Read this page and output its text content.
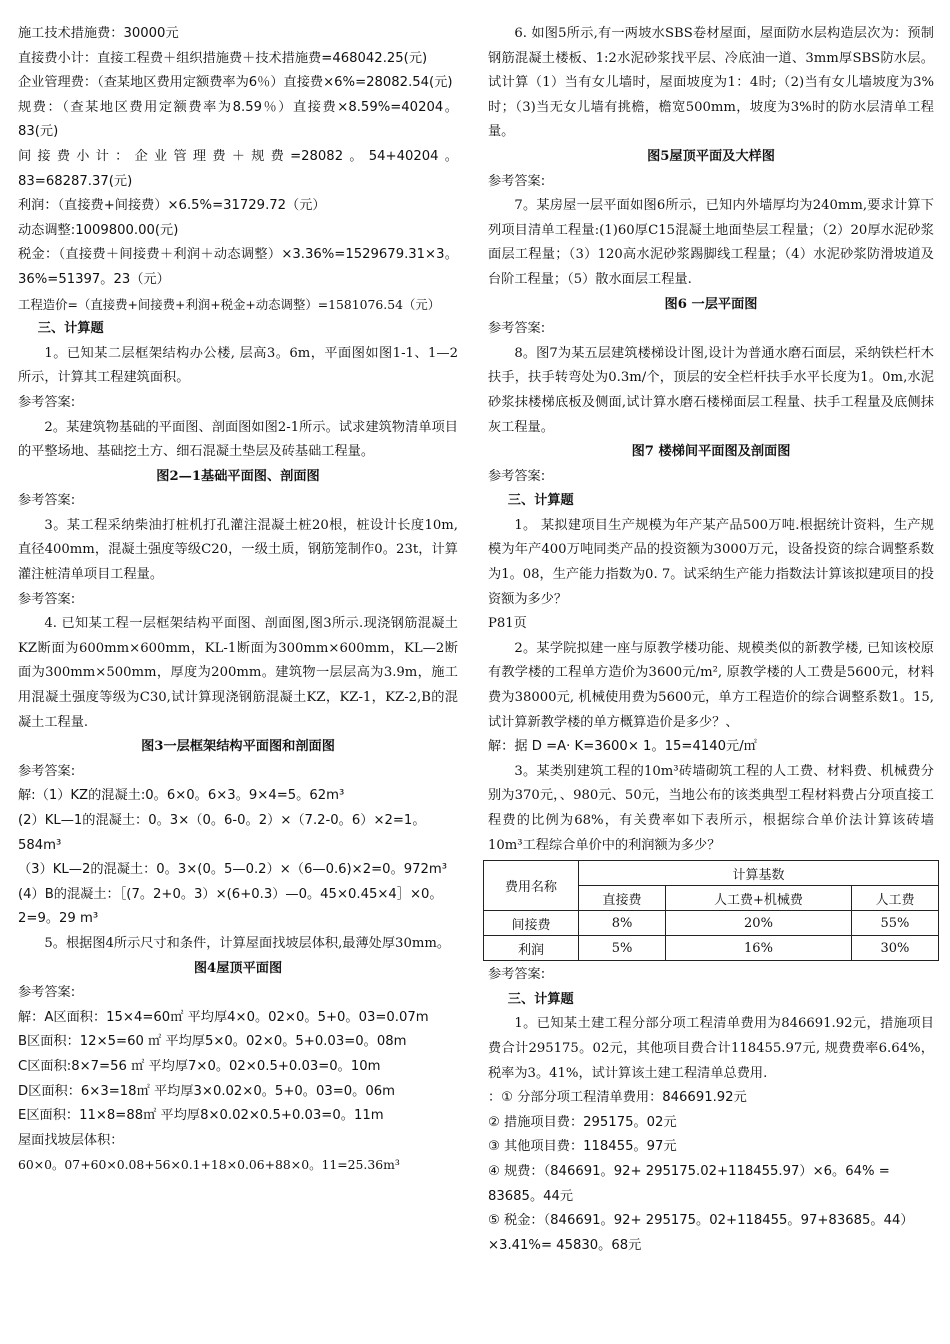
施工技术措施费：30000元

直接费小计：直接工程费＋组织措施费＋技术措施费=468042.25(元)

企业管理费：（查某地区费用定额费率为6％）直接费×6%=28082.54(元)

规费：（查某地区费用定额费率为8.59％）直接费×8.59%=40204。83(元)

间接费小计：企业管理费＋规费=28082。54+40204。83=68287.37(元)

利润：（直接费+间接费）×6.5%=31729.72（元）

动态调整:1009800.00(元)

税金：（直接费＋间接费＋利润＋动态调整）×3.36%=1529679.31×3。36%=51397。23（元）

工程造价=（直接费+间接费+利润+税金+动态调整）=1581076.54（元）

三、计算题

1。已知某二层框架结构办公楼, 层高3。6m，平面图如图1-1、1—2所示，计算其工程建筑面积。

参考答案:

2。某建筑物基础的平面图、剖面图如图2-1所示。试求建筑物清单项目的平整场地、基础挖土方、细石混凝土垫层及砖基础工程量。

图2—1基础平面图、剖面图

参考答案:

3。某工程采纳柴油打桩机打孔灌注混凝土桩20根，桩设计长度10m, 直径400mm，混凝土强度等级C20，一级土质，钢筋笼制作0。23t，计算灌注桩清单项目工程量。

参考答案:

4. 已知某工程一层框架结构平面图、剖面图,图3所示.现浇钢筋混凝土KZ断面为600mm×600mm，KL-1断面为300mm×600mm，KL—2断面为300mm×500mm，厚度为200mm。建筑物一层层高为3.9m，施工用混凝土强度等级为C30,试计算现浇钢筋混凝土KZ，KZ-1，KZ-2,B的混凝土工程量.

图3一层框架结构平面图和剖面图

参考答案:

解:（1）KZ的混凝土:0。6×0。6×3。9×4=5。62m³

(2）KL—1的混凝土：0。3×（0。6-0。2）×（7.2-0。6）×2=1。584m³

（3）KL—2的混凝土：0。3×(0。5—0.2）×（6—0.6)×2=0。972m³

(4）B的混凝土：［(7。2+0。3）×(6+0.3）—0。45×0.45×4］×0。2=9。29 m³

5。根据图4所示尺寸和条件，计算屋面找坡层体积,最薄处厚30mm。

图4屋顶平面图

参考答案:

解：A区面积：15×4=60㎡ 平均厚4×0。02×0。5+0。03=0.07m

B区面积：12×5=60 ㎡ 平均厚5×0。02×0。5+0.03=0。08m

C区面积:8×7=56 ㎡ 平均厚7×0。02×0.5+0.03=0。10m

D区面积：6×3=18㎡ 平均厚3×0.02×0。5+0。03=0。06m

E区面积：11×8=88㎡ 平均厚8×0.02×0.5+0.03=0。11m

屋面找坡层体积：

60×0。07+60×0.08+56×0.1+18×0.06+88×0。11=25.36m³

6. 如图5所示,有一两坡水SBS卷材屋面，屋面防水层构造层次为：预制钢筋混凝土楼板、1:2水泥砂浆找平层、冷底油一道、3mm厚SBS防水层。试计算（1）当有女儿墙时，屋面坡度为1：4时;（2)当有女儿墙坡度为3%时；（3)当无女儿墙有挑檐，檐宽500mm，坡度为3%时的防水层清单工程量。

图5屋顶平面及大样图

参考答案:

7。某房屋一层平面如图6所示，已知内外墙厚均为240mm,要求计算下列项目清单工程量:(1)60厚C15混凝土地面垫层工程量；（2）20厚水泥砂浆面层工程量；（3）120高水泥砂浆踢脚线工程量；（4）水泥砂浆防滑坡道及台阶工程量；（5）散水面层工程量.

图6 一层平面图

参考答案:

8。图7为某五层建筑楼梯设计图,设计为普通水磨石面层，采纳铁栏杆木扶手，扶手转弯处为0.3m/个，顶层的安全栏杆扶手水平长度为1。0m,水泥砂浆抹楼梯底板及侧面,试计算水磨石楼梯面层工程量、扶手工程量及底侧抹灰工程量。

图7 楼梯间平面图及剖面图

参考答案:

三、计算题

1。 某拟建项目生产规模为年产某产品500万吨.根据统计资料，生产规模为年产400万吨同类产品的投资额为3000万元，设备投资的综合调整系数为1。08，生产能力指数为0. 7。试采纳生产能力指数法计算该拟建项目的投资额为多少？

P81页

2。某学院拟建一座与原教学楼功能、规模类似的新教学楼, 已知该校原有教学楼的工程单方造价为3600元/m², 原教学楼的人工费是5600元，材料费为38000元, 机械使用费为5600元，单方工程造价的综合调整系数1。15, 试计算新教学楼的单方概算造价是多少？、

解：据 D =A· K=3600× 1。15=4140元/㎡

3。某类别建筑工程的10m³砖墙砌筑工程的人工费、材料费、机械费分别为370元，、980元、50元，当地公布的该类典型工程材料费占分项直接工程费的比例为68%，有关费率如下表所示，根据综合单价法计算该砖墙10m³工程综合单价中的利润额为多少？

费用名称	计算基数		
	直接费	人工费+机械费	人工费
间接费	8%	20%	55%
利润	5%	16%	30%

参考答案:

三、计算题

1。已知某土建工程分部分项工程清单费用为846691.92元，措施项目费合计295175。02元，其他项目费合计118455.97元, 规费费率6.64%，税率为3。41%，试计算该土建工程清单总费用.

：① 分部分项工程清单费用：846691.92元

② 措施项目费：295175。02元

③ 其他项目费：118455。97元

④ 规费：（846691。92+ 295175.02+118455.97）×6。64% = 83685。44元

⑤ 税金：（846691。92+ 295175。02+118455。97+83685。44）×3.41%= 45830。68元
